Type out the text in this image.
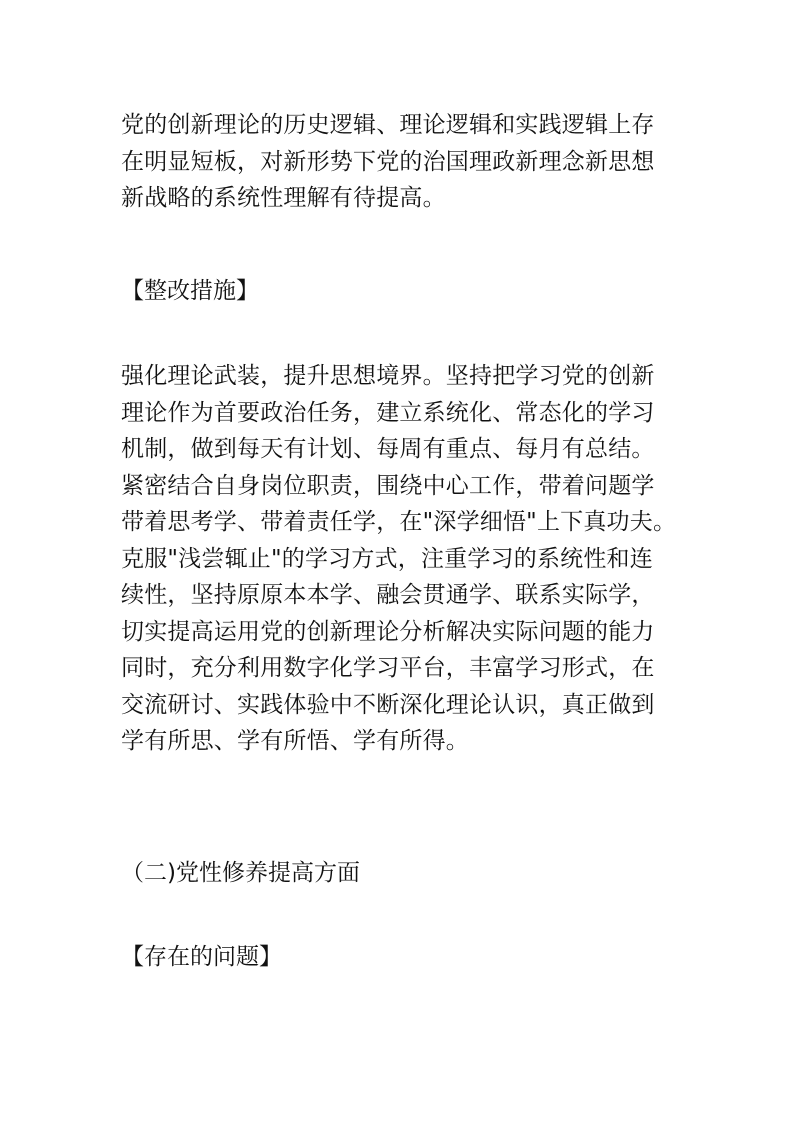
党的创新理论的历史逻辑、理论逻辑和实践逻辑上存
在明显短板，对新形势下党的治国理政新理念新思想
新战略的系统性理解有待提高。
【整改措施】
强化理论武装，提升思想境界。坚持把学习党的创新
理论作为首要政治任务，建立系统化、常态化的学习
机制，做到每天有计划、每周有重点、每月有总结。
紧密结合自身岗位职责，围绕中心工作，带着问题学
带着思考学、带着责任学，在"深学细悟"上下真功夫。
克服"浅尝辄止"的学习方式，注重学习的系统性和连
续性，坚持原原本本学、融会贯通学、联系实际学，
切实提高运用党的创新理论分析解决实际问题的能力
同时，充分利用数字化学习平台，丰富学习形式，在
交流研讨、实践体验中不断深化理论认识，真正做到
学有所思、学有所悟、学有所得。
（二)党性修养提高方面
【存在的问题】
